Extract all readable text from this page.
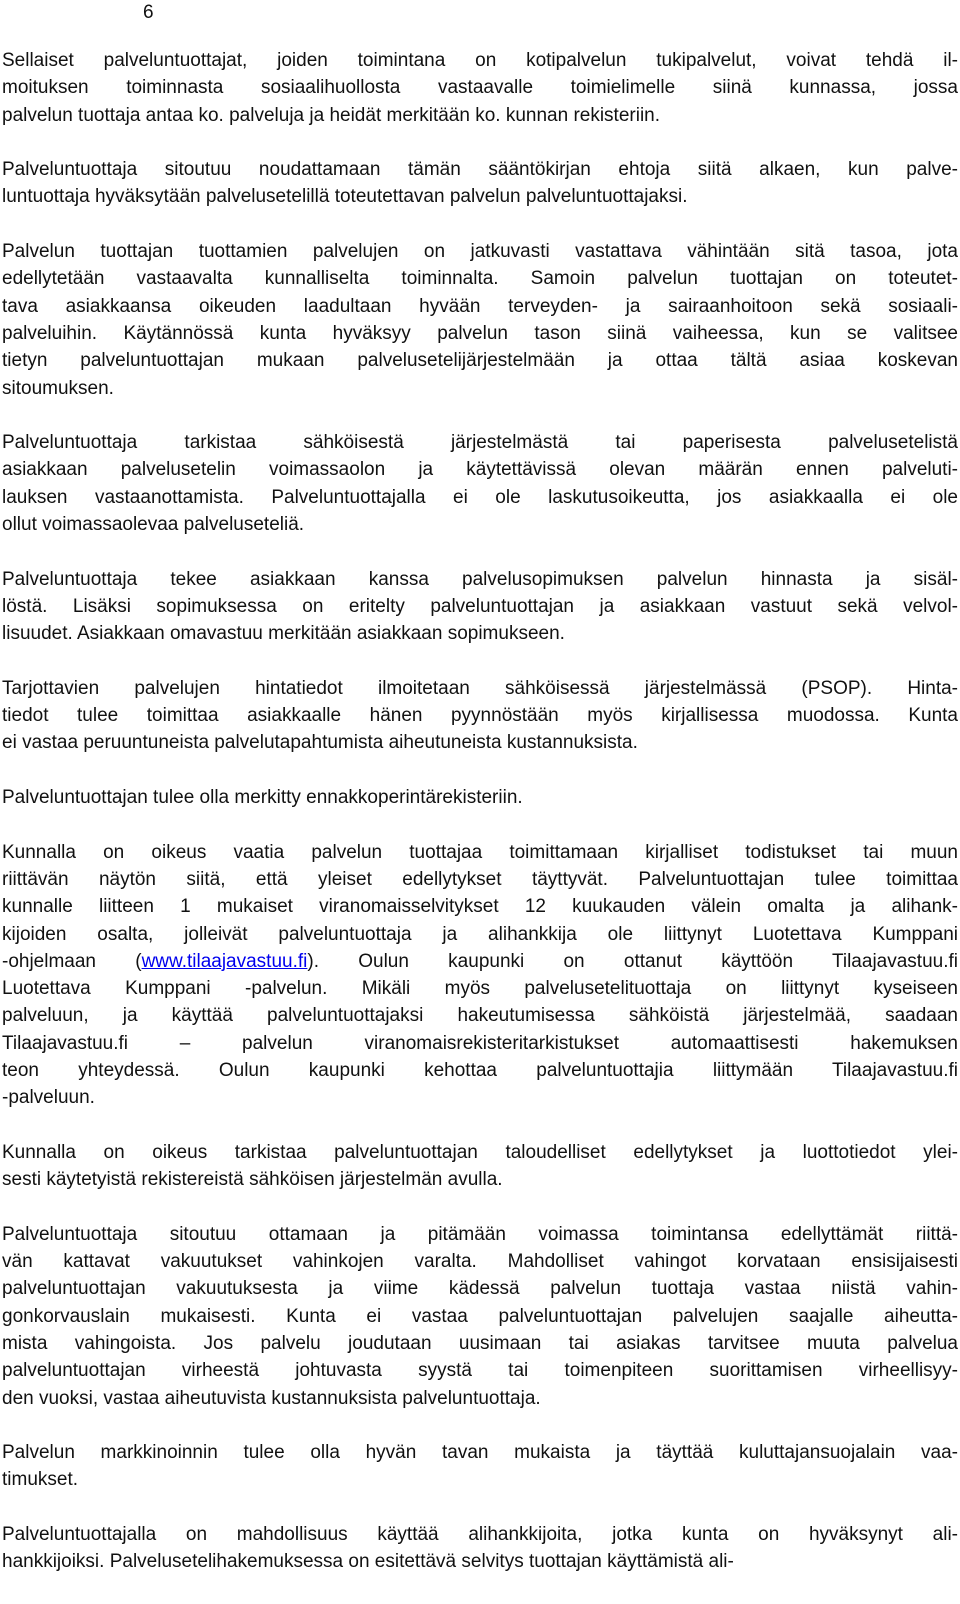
6
Sellaiset palveluntuottajat, joiden toimintana on kotipalvelun tukipalvelut, voivat tehdä il-
moituksen toiminnasta sosiaalihuollosta vastaavalle toimielimelle siinä kunnassa, jossa
palvelun tuottaja antaa ko. palveluja ja heidät merkitään ko. kunnan rekisteriin.
Palveluntuottaja sitoutuu noudattamaan tämän sääntökirjan ehtoja siitä alkaen, kun palve-
luntuottaja hyväksytään palvelusetelillä toteutettavan palvelun palveluntuottajaksi.
Palvelun tuottajan tuottamien palvelujen on jatkuvasti vastattava vähintään sitä tasoa, jota
edellytetään vastaavalta kunnalliselta toiminnalta. Samoin palvelun tuottajan on toteutet-
tava asiakkaansa oikeuden laadultaan hyvään terveyden- ja sairaanhoitoon sekä sosiaali-
palveluihin. Käytännössä kunta hyväksyy palvelun tason siinä vaiheessa, kun se valitsee
tietyn palveluntuottajan mukaan palvelusetelijärjestelmään ja ottaa tältä asiaa koskevan
sitoumuksen.
Palveluntuottaja tarkistaa sähköisestä järjestelmästä tai paperisesta palvelusetelistä
asiakkaan palvelusetelin voimassaolon ja käytettävissä olevan määrän ennen palveluti-
lauksen vastaanottamista. Palveluntuottajalla ei ole laskutusoikeutta, jos asiakkaalla ei ole
ollut voimassaolevaa palveluseteliä.
Palveluntuottaja tekee asiakkaan kanssa palvelusopimuksen palvelun hinnasta ja sisäl-
löstä. Lisäksi sopimuksessa on eritelty palveluntuottajan ja asiakkaan vastuut sekä velvol-
lisuudet. Asiakkaan omavastuu merkitään asiakkaan sopimukseen.
Tarjottavien palvelujen hintatiedot ilmoitetaan sähköisessä järjestelmässä (PSOP). Hinta-
tiedot tulee toimittaa asiakkaalle hänen pyynnöstään myös kirjallisessa muodossa. Kunta
ei vastaa peruuntuneista palvelutapahtumista aiheutuneista kustannuksista.
Palveluntuottajan tulee olla merkitty ennakkoperintärekisteriin.
Kunnalla on oikeus vaatia palvelun tuottajaa toimittamaan kirjalliset todistukset tai muun
riittävän näytön siitä, että yleiset edellytykset täyttyvät. Palveluntuottajan tulee toimittaa
kunnalle liitteen 1 mukaiset viranomaisselvitykset 12 kuukauden välein omalta ja alihank-
kijoiden osalta, jolleivät palveluntuottaja ja alihankkija ole liittynyt Luotettava Kumppani
-ohjelmaan (www.tilaajavastuu.fi). Oulun kaupunki on ottanut käyttöön Tilaajavastuu.fi
Luotettava Kumppani -palvelun. Mikäli myös palvelusetelituottaja on liittynyt kyseiseen
palveluun, ja käyttää palveluntuottajaksi hakeutumisessa sähköistä järjestelmää, saadaan
Tilaajavastuu.fi – palvelun viranomaisrekisteritarkistukset automaattisesti hakemuksen
teon yhteydessä. Oulun kaupunki kehottaa palveluntuottajia liittymään Tilaajavastuu.fi
-palveluun.
Kunnalla on oikeus tarkistaa palveluntuottajan taloudelliset edellytykset ja luottotiedot ylei-
sesti käytetyistä rekistereistä sähköisen järjestelmän avulla.
Palveluntuottaja sitoutuu ottamaan ja pitämään voimassa toimintansa edellyttämät riittä-
vän kattavat vakuutukset vahinkojen varalta. Mahdolliset vahingot korvataan ensisijaisesti
palveluntuottajan vakuutuksesta ja viime kädessä palvelun tuottaja vastaa niistä vahin-
gonkorvauslain mukaisesti. Kunta ei vastaa palveluntuottajan palvelujen saajalle aiheutta-
mista vahingoista. Jos palvelu joudutaan uusimaan tai asiakas tarvitsee muuta palvelua
palveluntuottajan virheestä johtuvasta syystä tai toimenpiteen suorittamisen virheellisyy-
den vuoksi, vastaa aiheutuvista kustannuksista palveluntuottaja.
Palvelun markkinoinnin tulee olla hyvän tavan mukaista ja täyttää kuluttajansuojalain vaa-
timukset.
Palveluntuottajalla on mahdollisuus käyttää alihankkijoita, jotka kunta on hyväksynyt ali-
hankkijoiksi. Palvelusetelihakemuksessa on esitettävä selvitys tuottajan käyttämistä ali-
